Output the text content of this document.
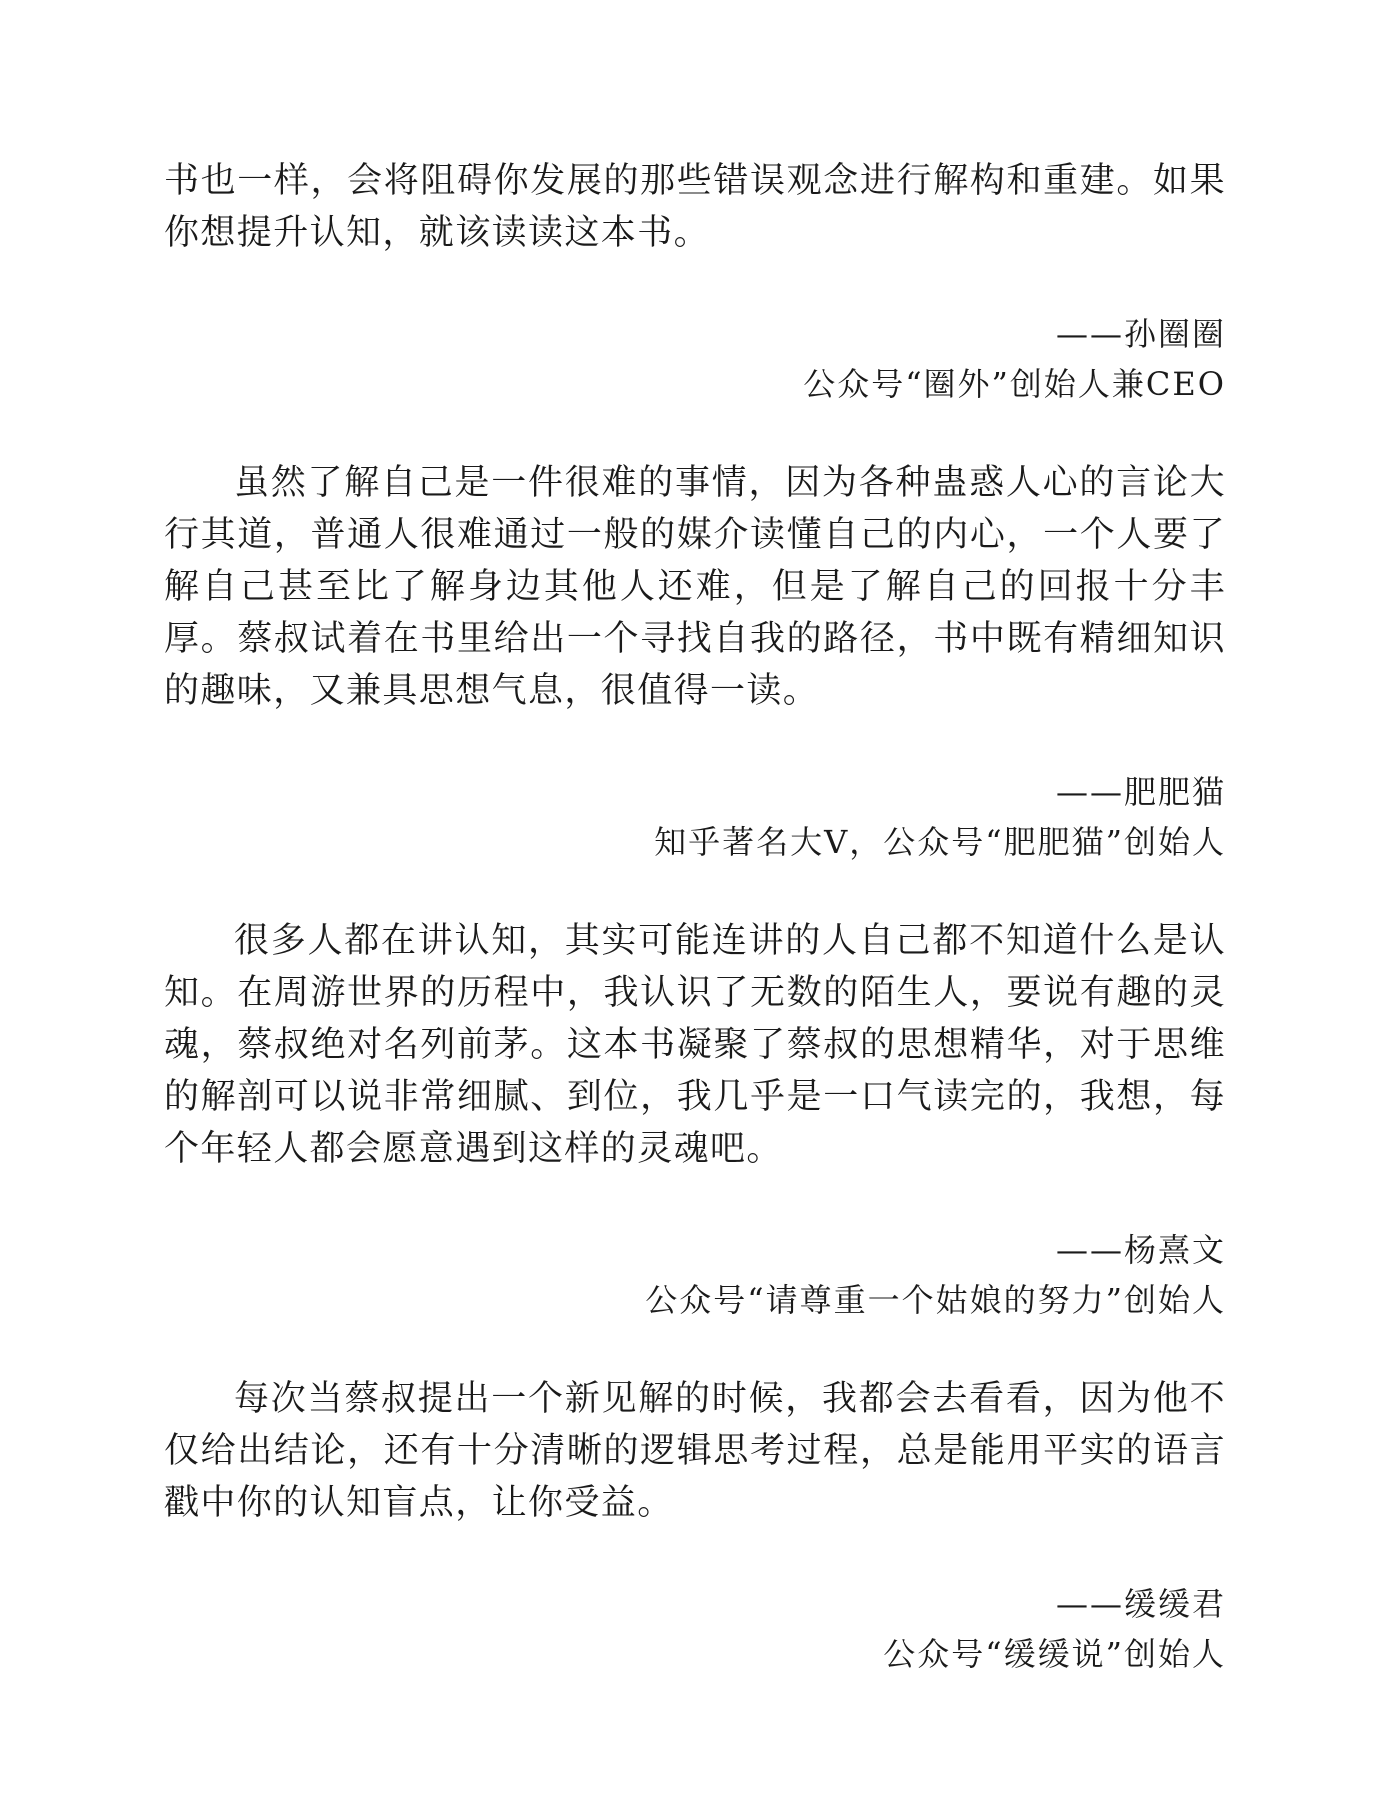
书也一样，会将阻碍你发展的那些错误观念进行解构和重建。如果你想提升认知，就该读读这本书。

——孙圈圈

公众号“圈外”创始人兼CEO

虽然了解自己是一件很难的事情，因为各种蛊惑人心的言论大行其道，普通人很难通过一般的媒介读懂自己的内心，一个人要了解自己甚至比了解身边其他人还难，但是了解自己的回报十分丰厚。蔡叔试着在书里给出一个寻找自我的路径，书中既有精细知识的趣味，又兼具思想气息，很值得一读。

——肥肥猫

知乎著名大V，公众号“肥肥猫”创始人

很多人都在讲认知，其实可能连讲的人自己都不知道什么是认知。在周游世界的历程中，我认识了无数的陌生人，要说有趣的灵魂，蔡叔绝对名列前茅。这本书凝聚了蔡叔的思想精华，对于思维的解剖可以说非常细腻、到位，我几乎是一口气读完的，我想，每个年轻人都会愿意遇到这样的灵魂吧。

——杨熹文

公众号“请尊重一个姑娘的努力”创始人

每次当蔡叔提出一个新见解的时候，我都会去看看，因为他不仅给出结论，还有十分清晰的逻辑思考过程，总是能用平实的语言戳中你的认知盲点，让你受益。

——缓缓君

公众号“缓缓说”创始人
